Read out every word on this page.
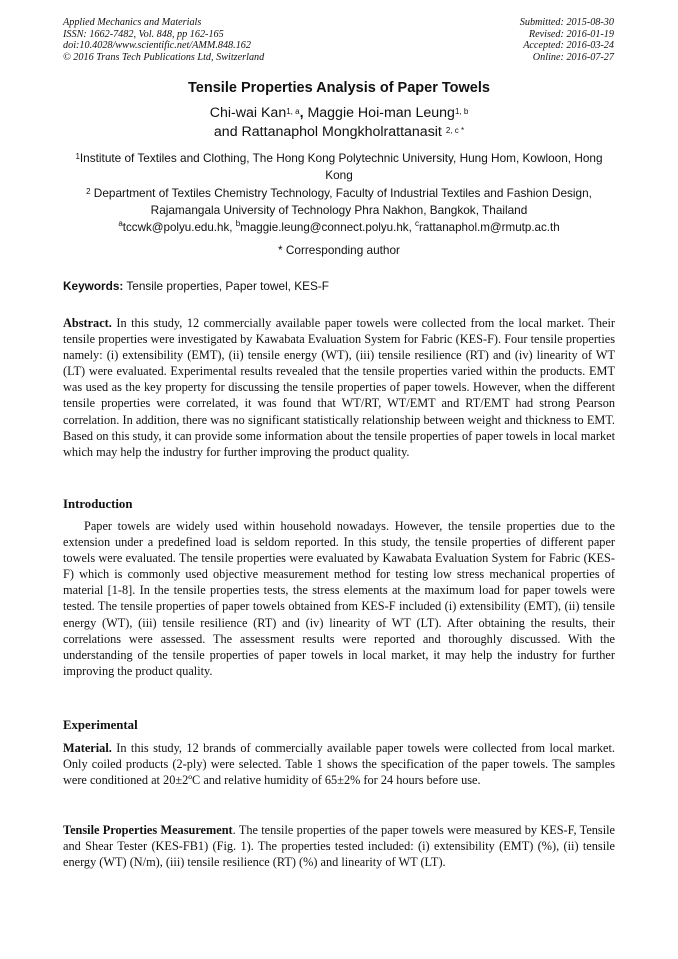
Applied Mechanics and Materials
ISSN: 1662-7482, Vol. 848, pp 162-165
doi:10.4028/www.scientific.net/AMM.848.162
© 2016 Trans Tech Publications Ltd, Switzerland
Submitted: 2015-08-30
Revised: 2016-01-19
Accepted: 2016-03-24
Online: 2016-07-27
Tensile Properties Analysis of Paper Towels
Chi-wai Kan$^{1, a}$, Maggie Hoi-man Leung$^{1, b}$
and Rattanaphol Mongkholrattanasit $^{2, c *}$
$^1$Institute of Textiles and Clothing, The Hong Kong Polytechnic University, Hung Hom, Kowloon, Hong Kong
$^2$ Department of Textiles Chemistry Technology, Faculty of Industrial Textiles and Fashion Design, Rajamangala University of Technology Phra Nakhon, Bangkok, Thailand
$^a$tccwk@polyu.edu.hk, $^b$maggie.leung@connect.polyu.hk, $^c$rattanaphol.m@rmutp.ac.th
* Corresponding author
Keywords: Tensile properties, Paper towel, KES-F

Abstract. In this study, 12 commercially available paper towels were collected from the local market. Their tensile properties were investigated by Kawabata Evaluation System for Fabric (KES-F). Four tensile properties namely: (i) extensibility (EMT), (ii) tensile energy (WT), (iii) tensile resilience (RT) and (iv) linearity of WT (LT) were evaluated. Experimental results revealed that the tensile properties varied within the products. EMT was used as the key property for discussing the tensile properties of paper towels. However, when the different tensile properties were correlated, it was found that WT/RT, WT/EMT and RT/EMT had strong Pearson correlation. In addition, there was no significant statistically relationship between weight and thickness to EMT. Based on this study, it can provide some information about the tensile properties of paper towels in local market which may help the industry for further improving the product quality.

Introduction

Paper towels are widely used within household nowadays. However, the tensile properties due to the extension under a predefined load is seldom reported. In this study, the tensile properties of different paper towels were evaluated. The tensile properties were evaluated by Kawabata Evaluation System for Fabric (KES-F) which is commonly used objective measurement method for testing low stress mechanical properties of material [1-8]. In the tensile properties tests, the stress elements at the maximum load for paper towels were tested. The tensile properties of paper towels obtained from KES-F included (i) extensibility (EMT), (ii) tensile energy (WT), (iii) tensile resilience (RT) and (iv) linearity of WT (LT). After obtaining the results, their correlations were assessed. The assessment results were reported and thoroughly discussed. With the understanding of the tensile properties of paper towels in local market, it may help the industry for further improving the product quality.

Experimental

Material. In this study, 12 brands of commercially available paper towels were collected from local market. Only coiled products (2-ply) were selected. Table 1 shows the specification of the paper towels. The samples were conditioned at 20±2ºC and relative humidity of 65±2% for 24 hours before use.

Tensile Properties Measurement. The tensile properties of the paper towels were measured by KES-F, Tensile and Shear Tester (KES-FB1) (Fig. 1). The properties tested included: (i) extensibility (EMT) (%), (ii) tensile energy (WT) (N/m), (iii) tensile resilience (RT) (%) and linearity of WT (LT).
